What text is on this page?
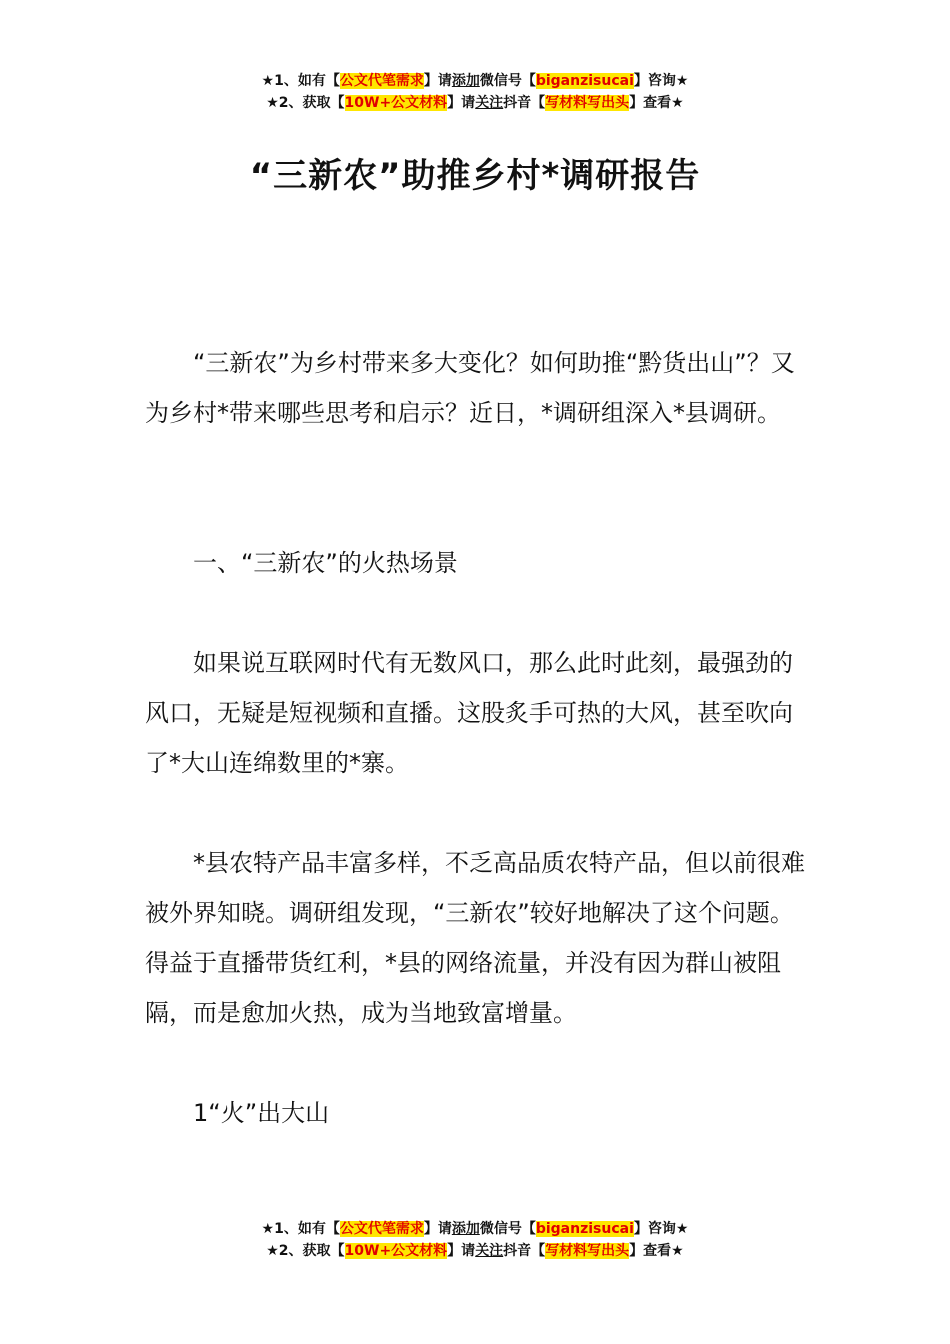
★1、如有【公文代笔需求】请添加微信号【biganzisucai】咨询★
★2、获取【10W+公文材料】请关注抖音【写材料写出头】查看★
“三新农”助推乡村*调研报告

“三新农”为乡村带来多大变化？如何助推“黔货出山”？又为乡村*带来哪些思考和启示？近日，*调研组深入*县调研。

一、“三新农”的火热场景

如果说互联网时代有无数风口，那么此时此刻，最强劲的风口，无疑是短视频和直播。这股炙手可热的大风，甚至吹向了*大山连绵数里的*寨。

*县农特产品丰富多样，不乏高品质农特产品，但以前很难被外界知晓。调研组发现，“三新农”较好地解决了这个问题。得益于直播带货红利，*县的网络流量，并没有因为群山被阻隔，而是愈加火热，成为当地致富增量。

1“火”出大山

★1、如有【公文代笔需求】请添加微信号【biganzisucai】咨询★
★2、获取【10W+公文材料】请关注抖音【写材料写出头】查看★
